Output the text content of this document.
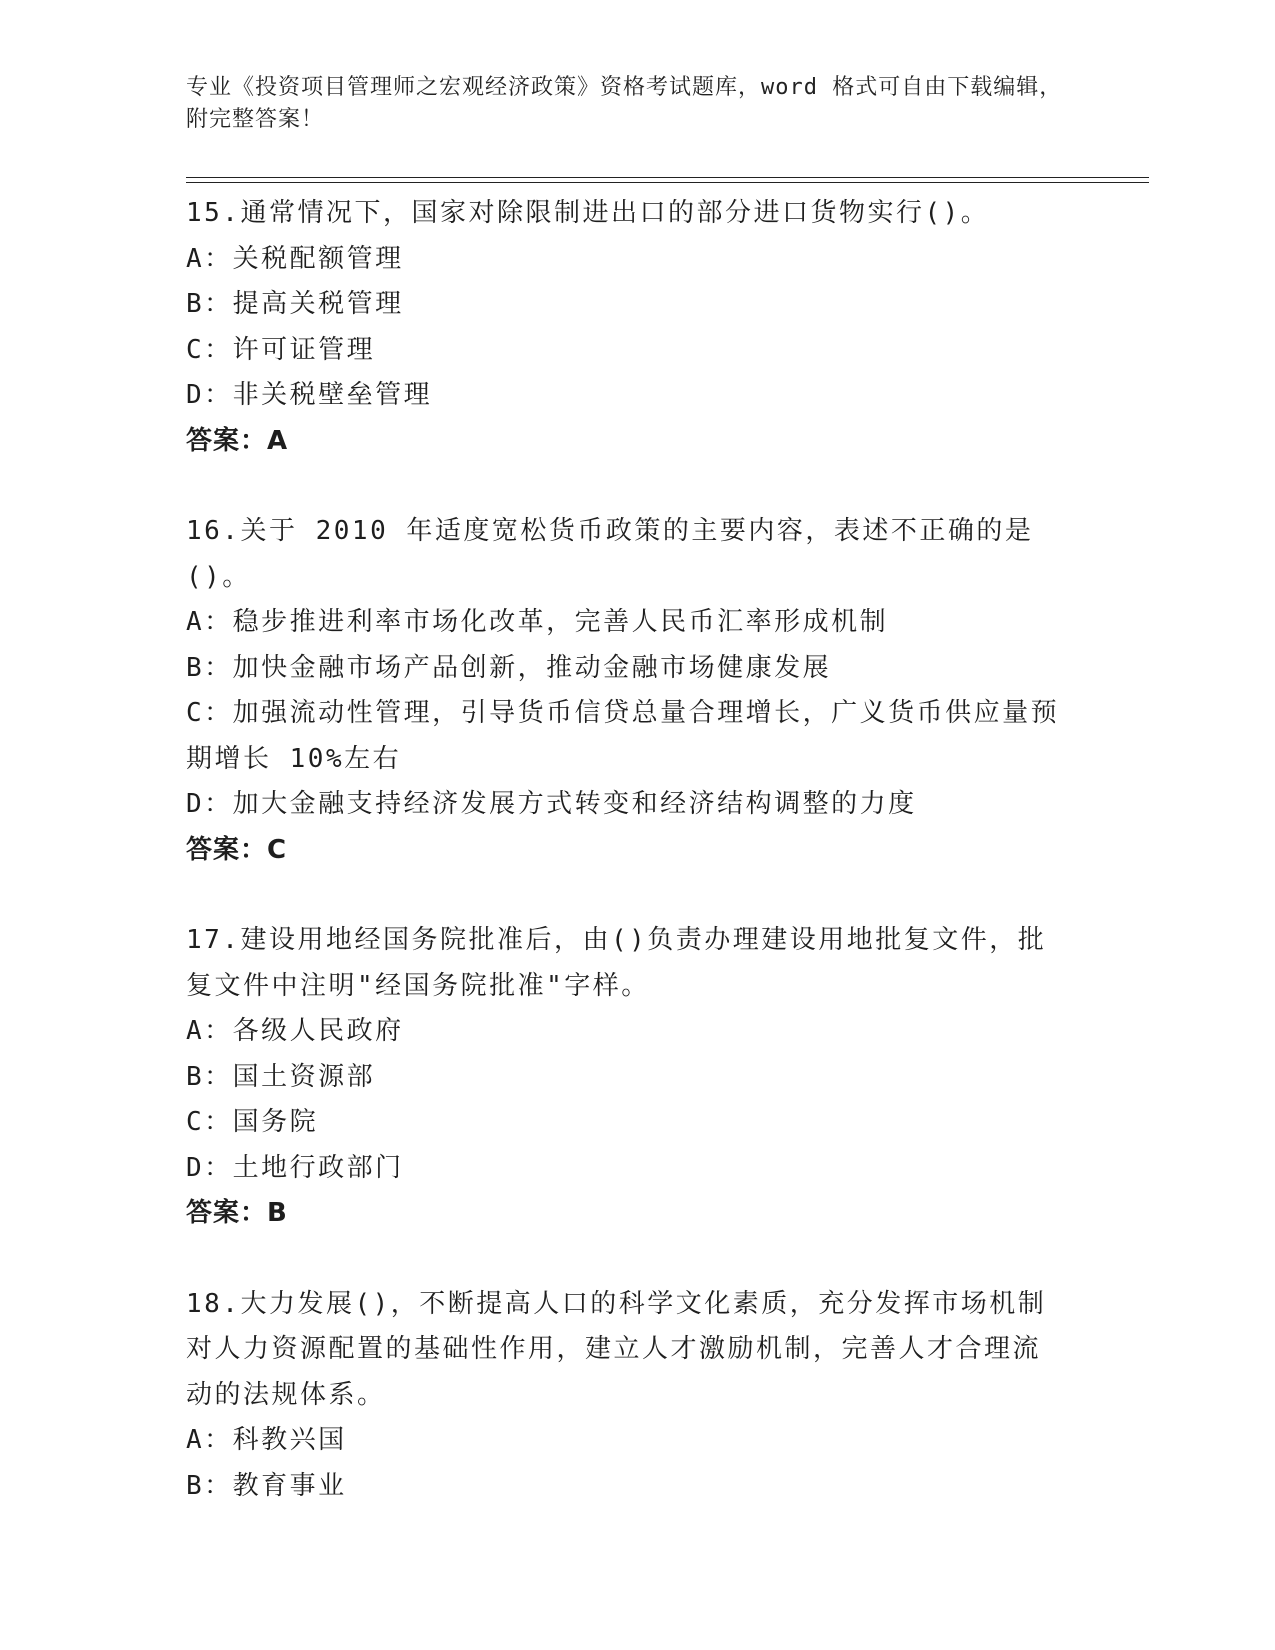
专业《投资项目管理师之宏观经济政策》资格考试题库，word 格式可自由下载编辑，附完整答案！

15.通常情况下，国家对除限制进出口的部分进口货物实行()。

A：关税配额管理

B：提高关税管理

C：许可证管理

D：非关税壁垒管理

答案：A

16.关于 2010 年适度宽松货币政策的主要内容，表述不正确的是()。

A：稳步推进利率市场化改革，完善人民币汇率形成机制

B：加快金融市场产品创新，推动金融市场健康发展

C：加强流动性管理，引导货币信贷总量合理增长，广义货币供应量预期增长 10%左右

D：加大金融支持经济发展方式转变和经济结构调整的力度

答案：C

17.建设用地经国务院批准后，由()负责办理建设用地批复文件，批复文件中注明"经国务院批准"字样。

A：各级人民政府

B：国土资源部

C：国务院

D：土地行政部门

答案：B

18.大力发展()，不断提高人口的科学文化素质，充分发挥市场机制对人力资源配置的基础性作用，建立人才激励机制，完善人才合理流动的法规体系。

A：科教兴国

B：教育事业
